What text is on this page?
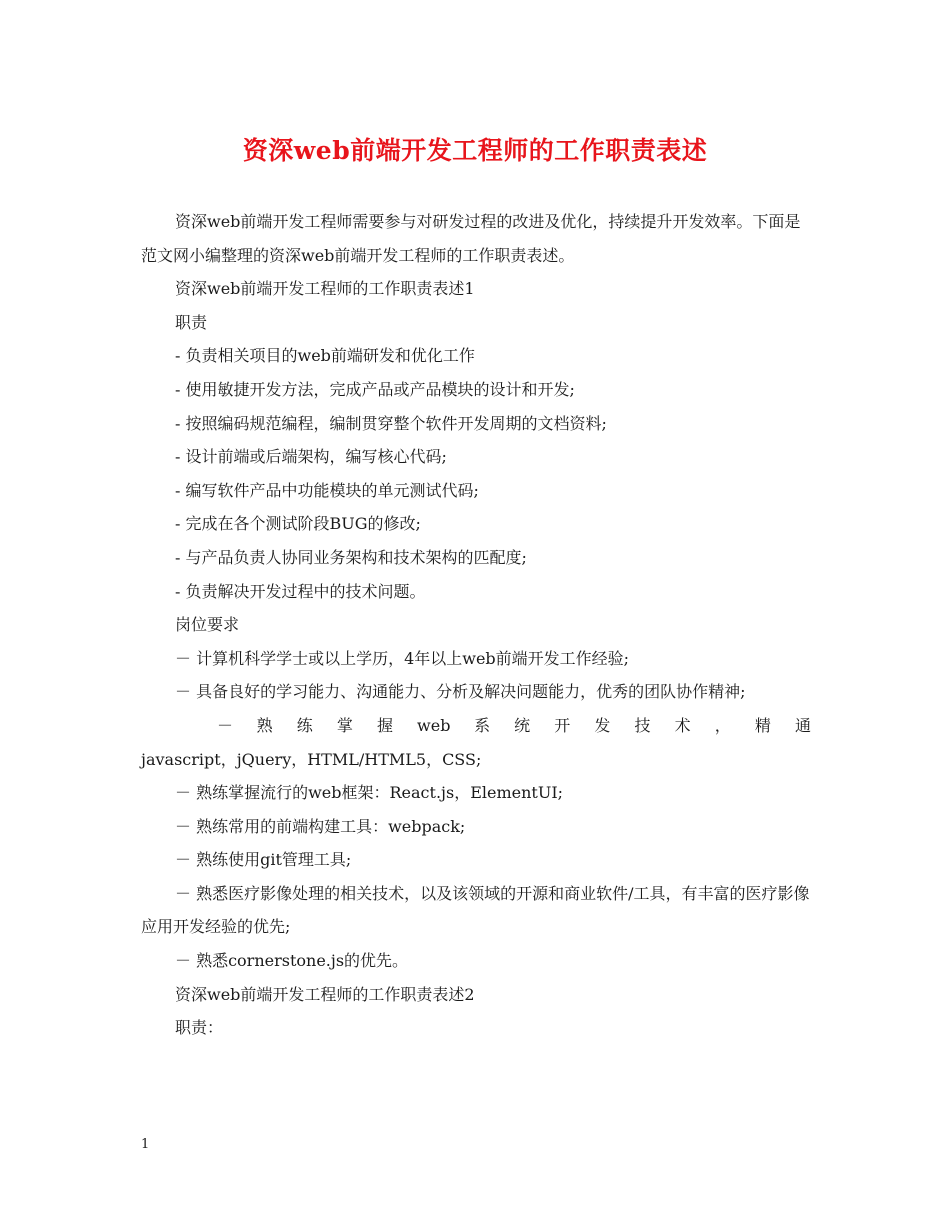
资深web前端开发工程师的工作职责表述

资深web前端开发工程师需要参与对研发过程的改进及优化，持续提升开发效率。下面是范文网小编整理的资深web前端开发工程师的工作职责表述。

资深web前端开发工程师的工作职责表述1

职责

- 负责相关项目的web前端研发和优化工作

- 使用敏捷开发方法，完成产品或产品模块的设计和开发;

- 按照编码规范编程，编制贯穿整个软件开发周期的文档资料;

- 设计前端或后端架构，编写核心代码;

- 编写软件产品中功能模块的单元测试代码;

- 完成在各个测试阶段BUG的修改;

- 与产品负责人协同业务架构和技术架构的匹配度;

- 负责解决开发过程中的技术问题。

岗位要求

－ 计算机科学学士或以上学历，4年以上web前端开发工作经验;

－ 具备良好的学习能力、沟通能力、分析及解决问题能力，优秀的团队协作精神;

－ 熟 练 掌 握 web 系 统 开 发 技 术 ， 精 通

javascript，jQuery，HTML/HTML5，CSS;

－ 熟练掌握流行的web框架：React.js，ElementUI;

－ 熟练常用的前端构建工具：webpack;

－ 熟练使用git管理工具;

－ 熟悉医疗影像处理的相关技术，以及该领域的开源和商业软件/工具，有丰富的医疗影像应用开发经验的优先;

－ 熟悉cornerstone.js的优先。

资深web前端开发工程师的工作职责表述2

职责：

1
